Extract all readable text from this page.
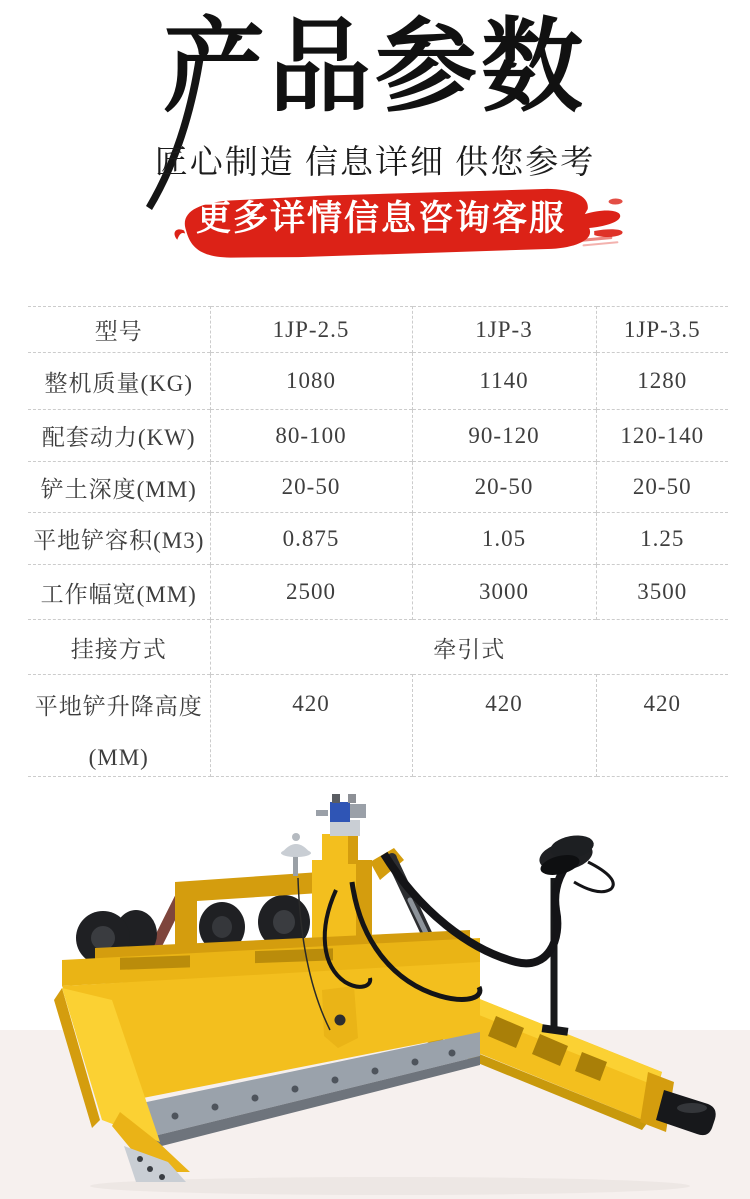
产品参数
匠心制造 信息详细 供您参考
更多详情信息咨询客服
型号	1JP-2.5	1JP-3	1JP-3.5
整机质量(KG)	1080	1140	1280
配套动力(KW)	80-100	90-120	120-140
铲土深度(MM)	20-50	20-50	20-50
平地铲容积(M3)	0.875	1.05	1.25
工作幅宽(MM)	2500	3000	3500
挂接方式	牵引式		

平地铲升降高度
(MM)	420	420	420
